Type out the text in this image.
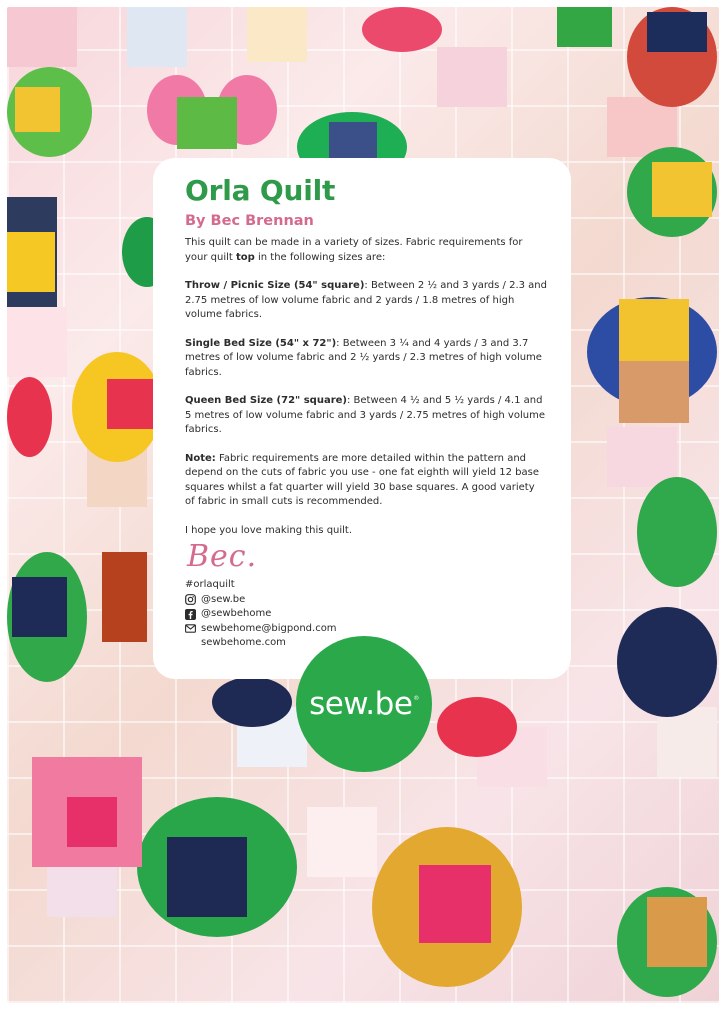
Orla Quilt
By Bec Brennan

This quilt can be made in a variety of sizes. Fabric requirements for your quilt top in the following sizes are:

Throw / Picnic Size (54" square): Between 2 ½ and 3 yards / 2.3 and 2.75 metres of low volume fabric and 2 yards / 1.8 metres of high volume fabrics.

Single Bed Size (54" x 72"): Between 3 ¼ and 4 yards / 3 and 3.7 metres of low volume fabric and 2 ½ yards / 2.3 metres of high volume fabrics.

Queen Bed Size (72" square): Between 4 ½ and 5 ½ yards / 4.1 and 5 metres of low volume fabric and 3 yards / 2.75 metres of high volume fabrics.

Note: Fabric requirements are more detailed within the pattern and depend on the cuts of fabric you use - one fat eighth will yield 12 base squares whilst a fat quarter will yield 30 base squares. A good variety of fabric in small cuts is recommended.

I hope you love making this quilt.

Bec.
#orlaquilt
@sew.be
@sewbehome
sewbehome@bigpond.com
sewbehome.com
sew.be®
